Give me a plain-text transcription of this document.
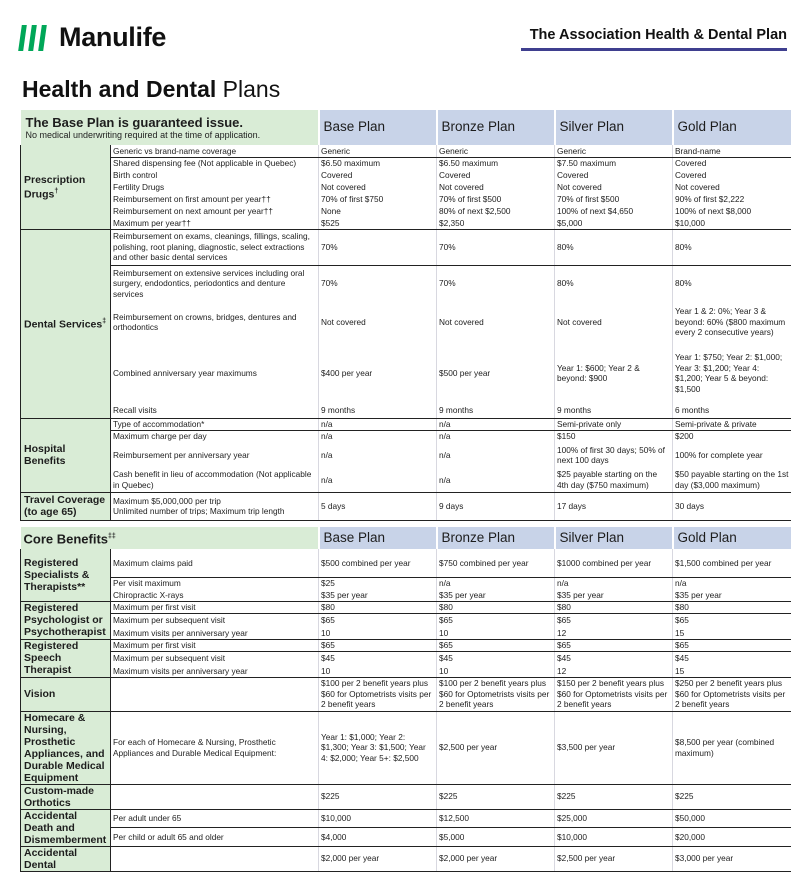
Manulife	The Association Health & Dental Plan
Health and Dental Plans
The Base Plan is guaranteed issue.
No medical underwriting required at the time of application.		Base Plan	Bronze Plan	Silver Plan	Gold Plan
Prescription Drugs†	Generic vs brand-name coverage	Generic	Generic	Generic	Brand-name
	Shared dispensing fee (Not applicable in Quebec)	$6.50 maximum	$6.50 maximum	$7.50 maximum	Covered
	Birth control	Covered	Covered	Covered	Covered
	Fertility Drugs	Not covered	Not covered	Not covered	Not covered
	Reimbursement on first amount per year††	70% of first $750	70% of first $500	70% of first $500	90% of first $2,222
	Reimbursement on next amount per year††	None	80% of next $2,500	100% of next $4,650	100% of next $8,000
	Maximum per year††	$525	$2,350	$5,000	$10,000
Dental Services‡	Reimbursement on exams, cleanings, fillings, scaling, polishing, root planing, diagnostic, select extractions and other basic dental services	70%	70%	80%	80%
	Reimbursement on extensive services including oral surgery, endodontics, periodontics and denture services	70%	70%	80%	80%
	Reimbursement on crowns, bridges, dentures and orthodontics	Not covered	Not covered	Not covered	Year 1 & 2: 0%; Year 3 & beyond: 60% ($800 maximum every 2 consecutive years)
	Combined anniversary year maximums	$400 per year	$500 per year	Year 1: $600; Year 2 & beyond: $900	Year 1: $750; Year 2: $1,000; Year 3: $1,200; Year 4: $1,200; Year 5 & beyond: $1,500
	Recall visits	9 months	9 months	9 months	6 months
Hospital Benefits	Type of accommodation*	n/a	n/a	Semi-private only	Semi-private & private
	Maximum charge per day	n/a	n/a	$150	$200
	Reimbursement per anniversary year	n/a	n/a	100% of first 30 days; 50% of next 100 days	100% for complete year
	Cash benefit in lieu of accommodation (Not applicable in Quebec)	n/a	n/a	$25 payable starting on the 4th day ($750 maximum)	$50 payable starting on the 1st day ($3,000 maximum)
Travel Coverage (to age 65)	Maximum $5,000,000 per trip
Unlimited number of trips; Maximum trip length	5 days	9 days	17 days	30 days

Core Benefits‡‡		Base Plan	Bronze Plan	Silver Plan	Gold Plan
Registered Specialists & Therapists**	Maximum claims paid	$500 combined per year	$750 combined per year	$1000 combined per year	$1,500 combined per year
	Per visit maximum	$25	n/a	n/a	n/a
	Chiropractic X-rays	$35 per year	$35 per year	$35 per year	$35 per year
Registered Psychologist or Psychotherapist	Maximum per first visit	$80	$80	$80	$80
	Maximum per subsequent visit	$65	$65	$65	$65
	Maximum visits per anniversary year	10	10	12	15
Registered Speech Therapist	Maximum per first visit	$65	$65	$65	$65
	Maximum per subsequent visit	$45	$45	$45	$45
	Maximum visits per anniversary year	10	10	12	15
Vision		$100 per 2 benefit years plus $60 for Optometrists visits per 2 benefit years	$100 per 2 benefit years plus $60 for Optometrists visits per 2 benefit years	$150 per 2 benefit years plus $60 for Optometrists visits per 2 benefit years	$250 per 2 benefit years plus $60 for Optometrists visits per 2 benefit years
Homecare & Nursing, Prosthetic Appliances, and Durable Medical Equipment	For each of Homecare & Nursing, Prosthetic Appliances and Durable Medical Equipment:	Year 1: $1,000; Year 2: $1,300; Year 3: $1,500; Year 4: $2,000; Year 5+: $2,500	$2,500 per year	$3,500 per year	$8,500 per year (combined maximum)
Custom-made Orthotics		$225	$225	$225	$225
Accidental Death and Dismemberment	Per adult under 65	$10,000	$12,500	$25,000	$50,000
	Per child or adult 65 and older	$4,000	$5,000	$10,000	$20,000
Accidental Dental		$2,000 per year	$2,000 per year	$2,500 per year	$3,000 per year
